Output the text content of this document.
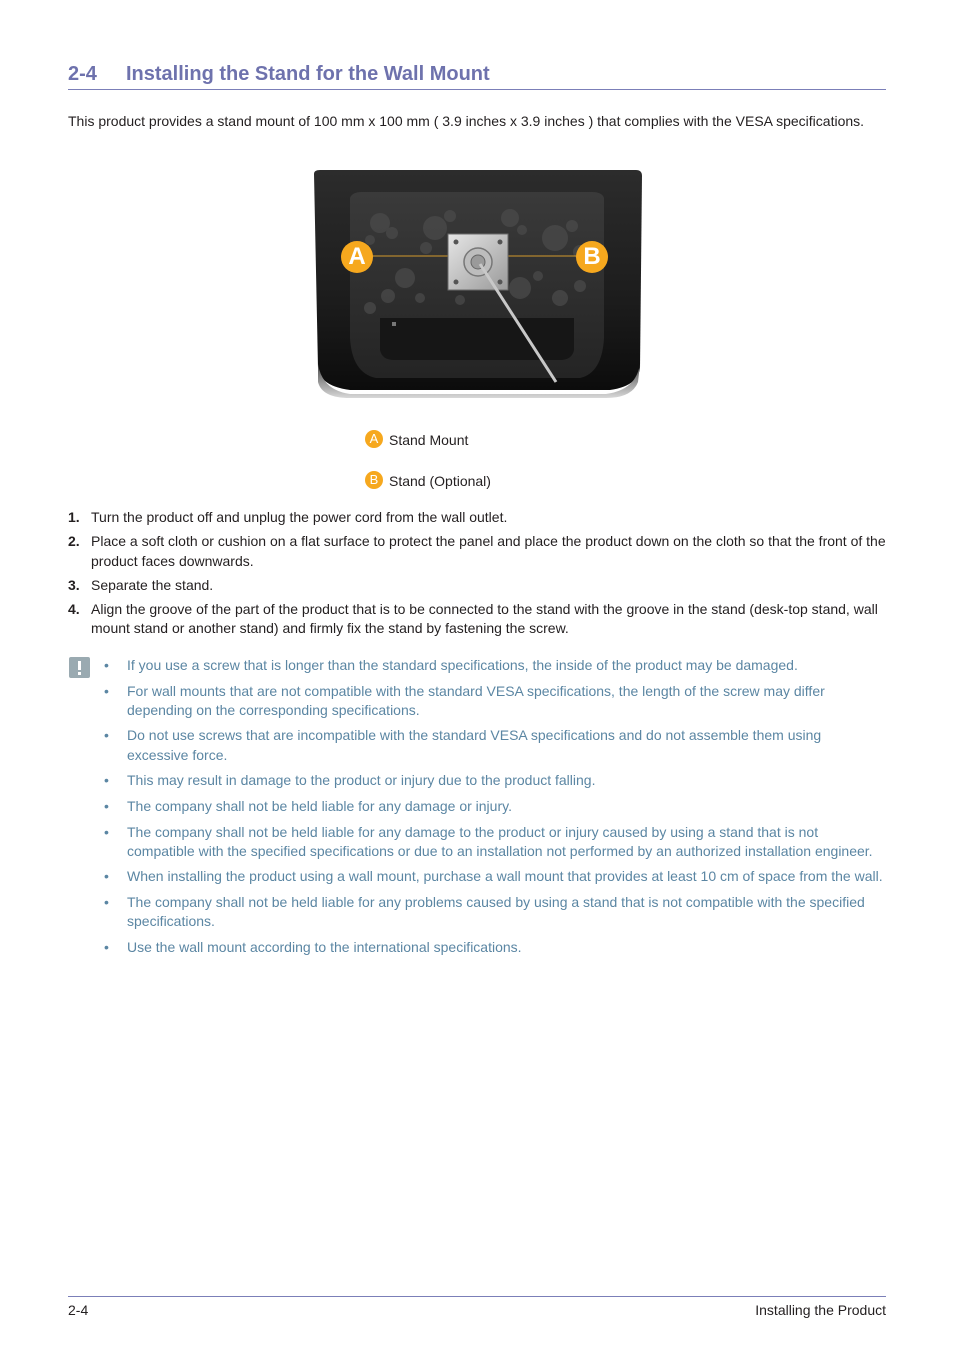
2-4 Installing the Stand for the Wall Mount
This product provides a stand mount of 100 mm x 100 mm ( 3.9 inches x 3.9 inches ) that complies with the VESA specifications.
A	B
A Stand Mount
B Stand (Optional)
1. Turn the product off and unplug the power cord from the wall outlet.
2. Place a soft cloth or cushion on a flat surface to protect the panel and place the product down on the cloth so that the front of the product faces downwards.
3. Separate the stand.
4. Align the groove of the part of the product that is to be connected to the stand with the groove in the stand (desk-top stand, wall mount stand or another stand) and firmly fix the stand by fastening the screw.
• If you use a screw that is longer than the standard specifications, the inside of the product may be damaged.
• For wall mounts that are not compatible with the standard VESA specifications, the length of the screw may differ depending on the corresponding specifications.
• Do not use screws that are incompatible with the standard VESA specifications and do not assemble them using excessive force.
• This may result in damage to the product or injury due to the product falling.
• The company shall not be held liable for any damage or injury.
• The company shall not be held liable for any damage to the product or injury caused by using a stand that is not compatible with the specified specifications or due to an installation not performed by an authorized installation engineer.
• When installing the product using a wall mount, purchase a wall mount that provides at least 10 cm of space from the wall.
• The company shall not be held liable for any problems caused by using a stand that is not compatible with the specified specifications.
• Use the wall mount according to the international specifications.
2-4	Installing the Product
